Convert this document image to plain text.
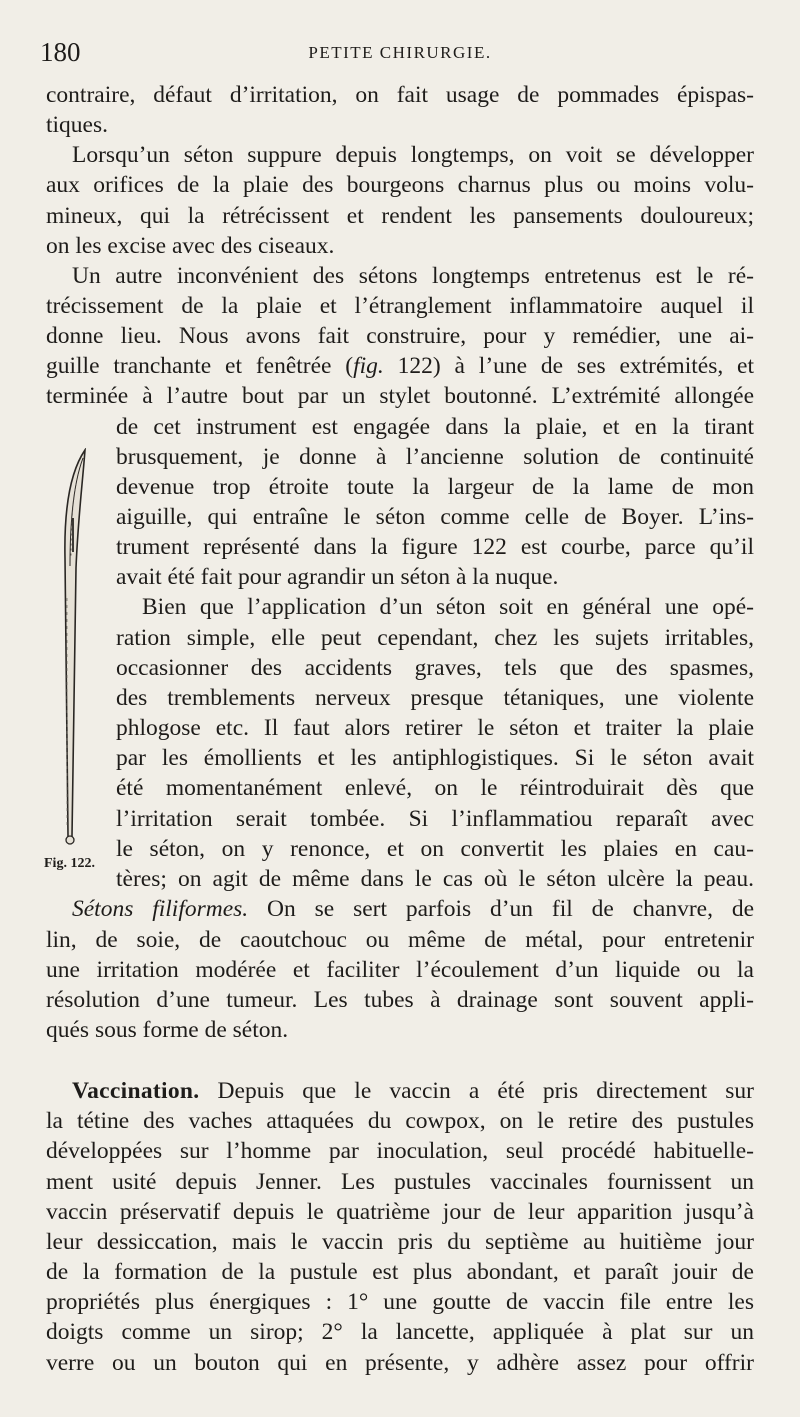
180	PETITE CHIRURGIE.
contraire, défaut d’irritation, on fait usage de pommades épispas-
tiques.
Lorsqu’un séton suppure depuis longtemps, on voit se développer
aux orifices de la plaie des bourgeons charnus plus ou moins volu-
mineux, qui la rétrécissent et rendent les pansements douloureux;
on les excise avec des ciseaux.
Un autre inconvénient des sétons longtemps entretenus est le ré-
trécissement de la plaie et l’étranglement inflammatoire auquel il
donne lieu. Nous avons fait construire, pour y remédier, une ai-
guille tranchante et fenêtrée (fig. 122) à l’une de ses extrémités, et
terminée à l’autre bout par un stylet boutonné. L’extrémité allongée
de cet instrument est engagée dans la plaie, et en la tirant
brusquement, je donne à l’ancienne solution de continuité
devenue trop étroite toute la largeur de la lame de mon
aiguille, qui entraîne le séton comme celle de Boyer. L’ins-
trument représenté dans la figure 122 est courbe, parce qu’il
avait été fait pour agrandir un séton à la nuque.
Bien que l’application d’un séton soit en général une opé-
ration simple, elle peut cependant, chez les sujets irritables,
occasionner des accidents graves, tels que des spasmes,
des tremblements nerveux presque tétaniques, une violente
phlogose etc. Il faut alors retirer le séton et traiter la plaie
par les émollients et les antiphlogistiques. Si le séton avait
été momentanément enlevé, on le réintroduirait dès que
l’irritation serait tombée. Si l’inflammatiou reparaît avec
le séton, on y renonce, et on convertit les plaies en cau-
tères; on agit de même dans le cas où le séton ulcère la peau.
Sétons filiformes. On se sert parfois d’un fil de chanvre, de
lin, de soie, de caoutchouc ou même de métal, pour entretenir
une irritation modérée et faciliter l’écoulement d’un liquide ou la
résolution d’une tumeur. Les tubes à drainage sont souvent appli-
qués sous forme de séton.
Vaccination. Depuis que le vaccin a été pris directement sur
la tétine des vaches attaquées du cowpox, on le retire des pustules
développées sur l’homme par inoculation, seul procédé habituelle-
ment usité depuis Jenner. Les pustules vaccinales fournissent un
vaccin préservatif depuis le quatrième jour de leur apparition jusqu’à
leur dessiccation, mais le vaccin pris du septième au huitième jour
de la formation de la pustule est plus abondant, et paraît jouir de
propriétés plus énergiques : 1° une goutte de vaccin file entre les
doigts comme un sirop; 2° la lancette, appliquée à plat sur un
verre ou un bouton qui en présente, y adhère assez pour offrir
Fig. 122.
